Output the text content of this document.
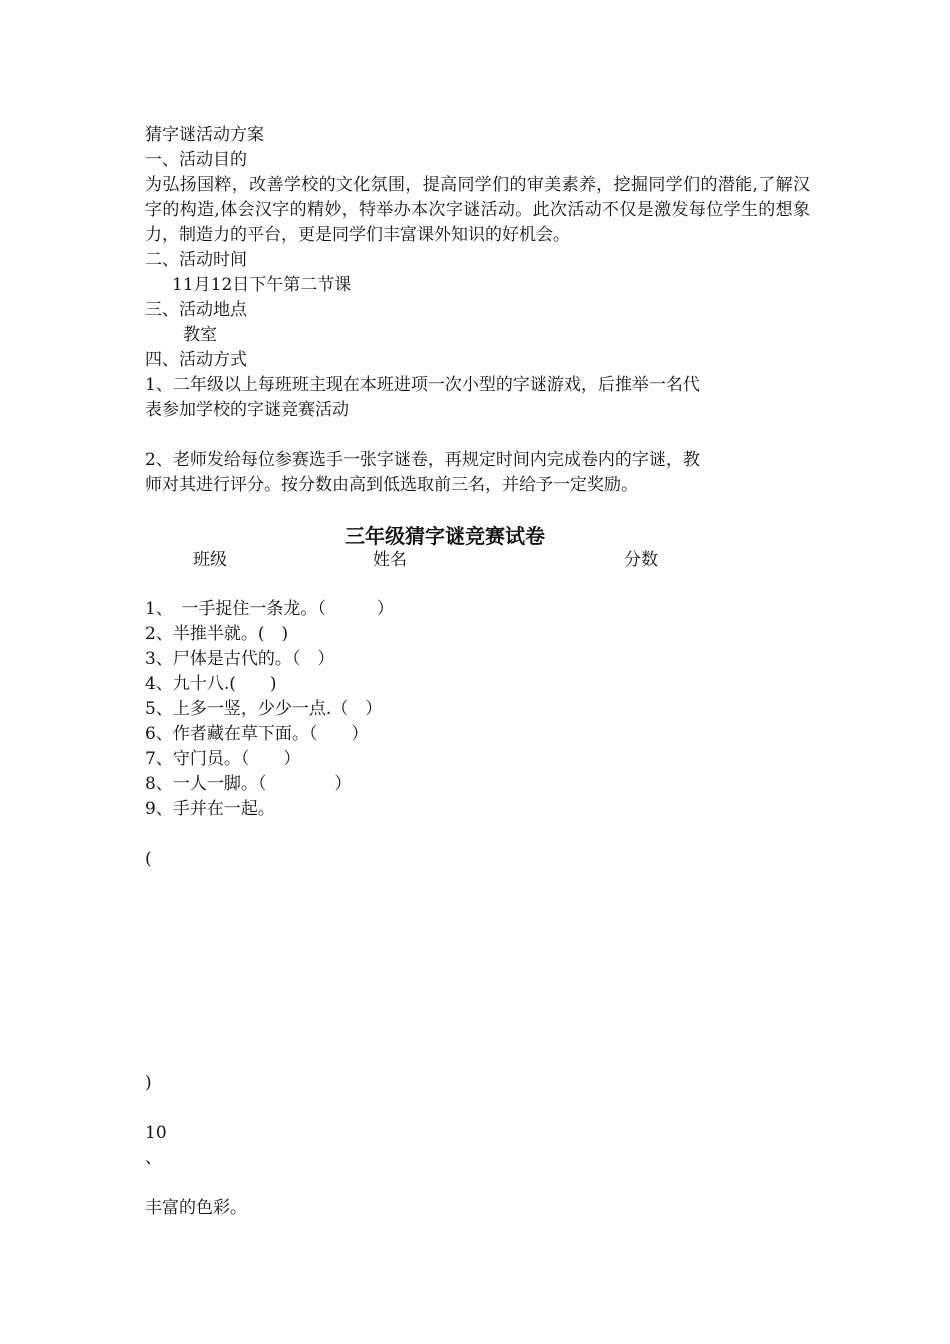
猜字谜活动方案

一、活动目的

为弘扬国粹，改善学校的文化氛围，提高同学们的审美素养，挖掘同学们的潜能,了解汉字的构造,体会汉字的精妙，特举办本次字谜活动。此次活动不仅是激发每位学生的想象力，制造力的平台，更是同学们丰富课外知识的好机会。

二、活动时间

11月12日下午第二节课

三、活动地点

教室

四、活动方式

1、二年级以上每班班主现在本班进项一次小型的字谜游戏，后推举一名代

表参加学校的字谜竞赛活动

2、老师发给每位参赛选手一张字谜卷，再规定时间内完成卷内的字谜，教

师对其进行评分。按分数由高到低选取前三名，并给予一定奖励。

三年级猜字谜竞赛试卷

班级	姓名	分数

1、　一手捉住一条龙。（　　　）

2、半推半就。(　)

3、尸体是古代的。（　）

4、九十八.(　　)

5、上多一竖，少少一点.（　）

6、作者藏在草下面。（　　）

7、守门员。（　　）

8、一人一脚。（　　　　）

9、手并在一起。

(

)

10

、

丰富的色彩。
